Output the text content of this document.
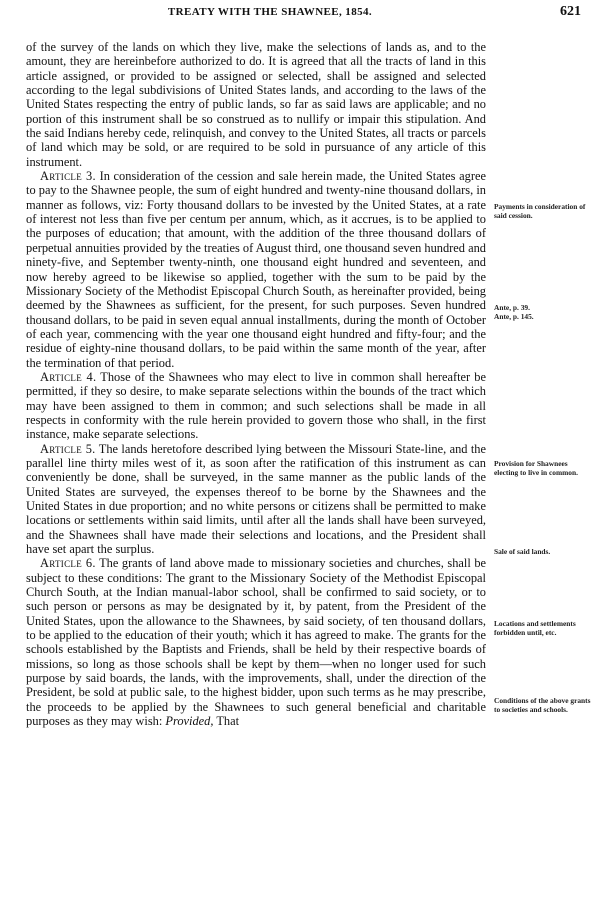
TREATY WITH THE SHAWNEE, 1854.	621

of the survey of the lands on which they live, make the selections of lands as, and to the amount, they are hereinbefore authorized to do. It is agreed that all the tracts of land in this article assigned, or provided to be assigned or selected, shall be assigned and selected according to the legal subdivisions of United States lands, and according to the laws of the United States respecting the entry of public lands, so far as said laws are applicable; and no portion of this instrument shall be so construed as to nullify or impair this stipulation. And the said Indians hereby cede, relinquish, and convey to the United States, all tracts or parcels of land which may be sold, or are required to be sold in pursuance of any article of this instrument.

Article 3. In consideration of the cession and sale herein made, the United States agree to pay to the Shawnee people, the sum of eight hundred and twenty-nine thousand dollars, in manner as follows, viz: Forty thousand dollars to be invested by the United States, at a rate of interest not less than five per centum per annum, which, as it accrues, is to be applied to the purposes of education; that amount, with the addition of the three thousand dollars of perpetual annuities provided by the treaties of August third, one thousand seven hundred and ninety-five, and September twenty-ninth, one thousand eight hundred and seventeen, and now hereby agreed to be likewise so applied, together with the sum to be paid by the Missionary Society of the Methodist Episcopal Church South, as hereinafter provided, being deemed by the Shawnees as sufficient, for the present, for such purposes. Seven hundred thousand dollars, to be paid in seven equal annual installments, during the month of October of each year, commencing with the year one thousand eight hundred and fifty-four; and the residue of eighty-nine thousand dollars, to be paid within the same month of the year, after the termination of that period.

Article 4. Those of the Shawnees who may elect to live in common shall hereafter be permitted, if they so desire, to make separate selections within the bounds of the tract which may have been assigned to them in common; and such selections shall be made in all respects in conformity with the rule herein provided to govern those who shall, in the first instance, make separate selections.

Article 5. The lands heretofore described lying between the Missouri State-line, and the parallel line thirty miles west of it, as soon after the ratification of this instrument as can conveniently be done, shall be surveyed, in the same manner as the public lands of the United States are surveyed, the expenses thereof to be borne by the Shawnees and the United States in due proportion; and no white persons or citizens shall be permitted to make locations or settlements within said limits, until after all the lands shall have been surveyed, and the Shawnees shall have made their selections and locations, and the President shall have set apart the surplus.

Article 6. The grants of land above made to missionary societies and churches, shall be subject to these conditions: The grant to the Missionary Society of the Methodist Episcopal Church South, at the Indian manual-labor school, shall be confirmed to said society, or to such person or persons as may be designated by it, by patent, from the President of the United States, upon the allowance to the Shawnees, by said society, of ten thousand dollars, to be applied to the education of their youth; which it has agreed to make. The grants for the schools established by the Baptists and Friends, shall be held by their respective boards of missions, so long as those schools shall be kept by them—when no longer used for such purpose by said boards, the lands, with the improvements, shall, under the direction of the President, be sold at public sale, to the highest bidder, upon such terms as he may prescribe, the proceeds to be applied by the Shawnees to such general beneficial and charitable purposes as they may wish: Provided, That

Payments in consideration of said cession.
Ante, p. 39.
Ante, p. 145.
Provision for Shawnees electing to live in common.
Sale of said lands.
Locations and settlements forbidden until, etc.
Conditions of the above grants to societies and schools.
